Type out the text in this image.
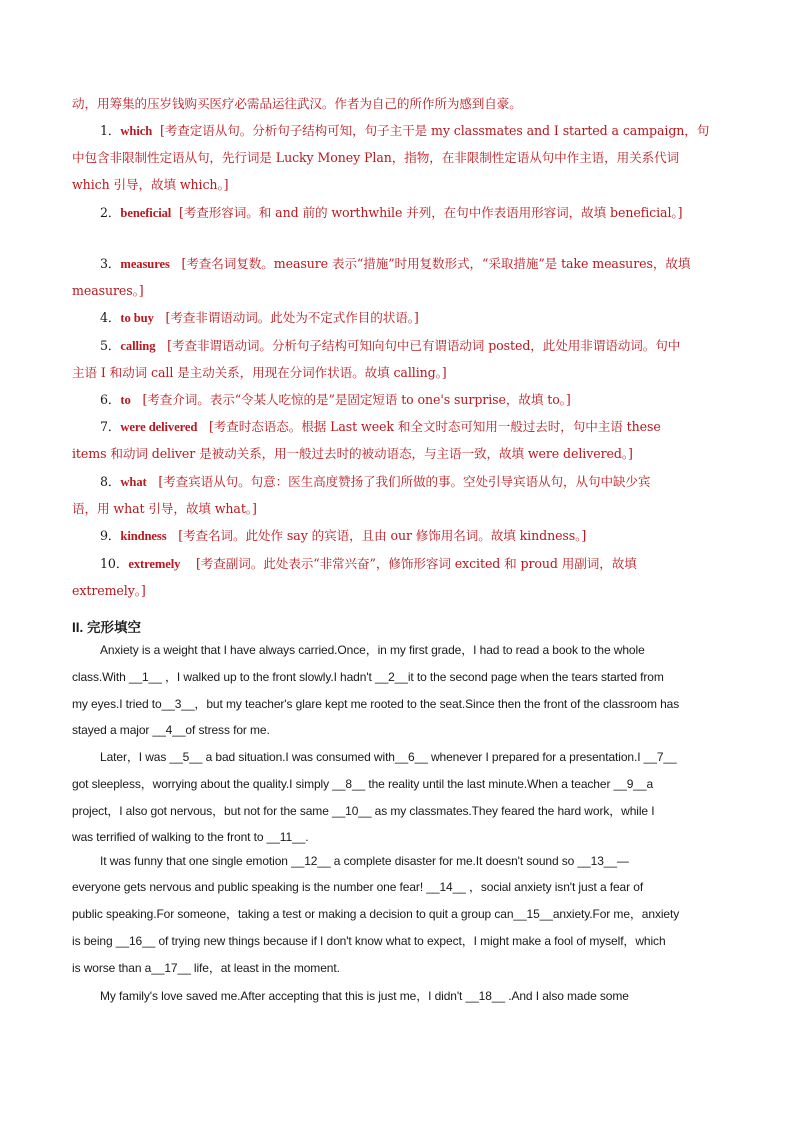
动，用筹集的压岁钱购买医疗必需品运往武汉。作者为自己的所作所为感到自豪。
1．which [考查定语从句。分析句子结构可知，句子主干是 my classmates and I started a campaign，句
中包含非限制性定语从句，先行词是 Lucky Money Plan，指物，在非限制性定语从句中作主语，用关系代词
which 引导，故填 which。]
2．beneficial [考查形容词。和 and 前的 worthwhile 并列，在句中作表语用形容词，故填 beneficial。]
3．measures [考查名词复数。measure 表示“措施”时用复数形式，“采取措施”是 take measures，故填
measures。]
4．to buy [考查非谓语动词。此处为不定式作目的状语。]
5．calling [考查非谓语动词。分析句子结构可知向句中已有谓语动词 posted，此处用非谓语动词。句中
主语 I 和动词 call 是主动关系，用现在分词作状语。故填 calling。]
6．to [考查介词。表示“令某人吃惊的是”是固定短语 to one's surprise，故填 to。]
7．were delivered [考查时态语态。根据 Last week 和全文时态可知用一般过去时，句中主语 these
items 和动词 deliver 是被动关系，用一般过去时的被动语态，与主语一致，故填 were delivered。]
8．what [考查宾语从句。句意：医生高度赞扬了我们所做的事。空处引导宾语从句，从句中缺少宾
语，用 what 引导，故填 what。]
9．kindness [考查名词。此处作 say 的宾语，且由 our 修饰用名词。故填 kindness。]
10．extremely [考查副词。此处表示“非常兴奋”，修饰形容词 excited 和 proud 用副词，故填
extremely。]
II. 完形填空
Anxiety is a weight that I have always carried.Once，in my first grade，I had to read a book to the whole
class.With __1__ ，I walked up to the front slowly.I hadn't __2__it to the second page when the tears started from
my eyes.I tried to__3__，but my teacher's glare kept me rooted to the seat.Since then the front of the classroom has
stayed a major __4__of stress for me.
Later，I was __5__ a bad situation.I was consumed with__6__ whenever I prepared for a presentation.I __7__
got sleepless，worrying about the quality.I simply __8__ the reality until the last minute.When a teacher __9__a
project，I also got nervous，but not for the same __10__ as my classmates.They feared the hard work，while I
was terrified of walking to the front to __11__.
It was funny that one single emotion __12__ a complete disaster for me.It doesn't sound so __13__—
everyone gets nervous and public speaking is the number one fear! __14__ ，social anxiety isn't just a fear of
public speaking.For someone，taking a test or making a decision to quit a group can__15__anxiety.For me，anxiety
is being __16__ of trying new things because if I don't know what to expect，I might make a fool of myself，which
is worse than a__17__ life，at least in the moment.
My family's love saved me.After accepting that this is just me，I didn't __18__ .And I also made some
